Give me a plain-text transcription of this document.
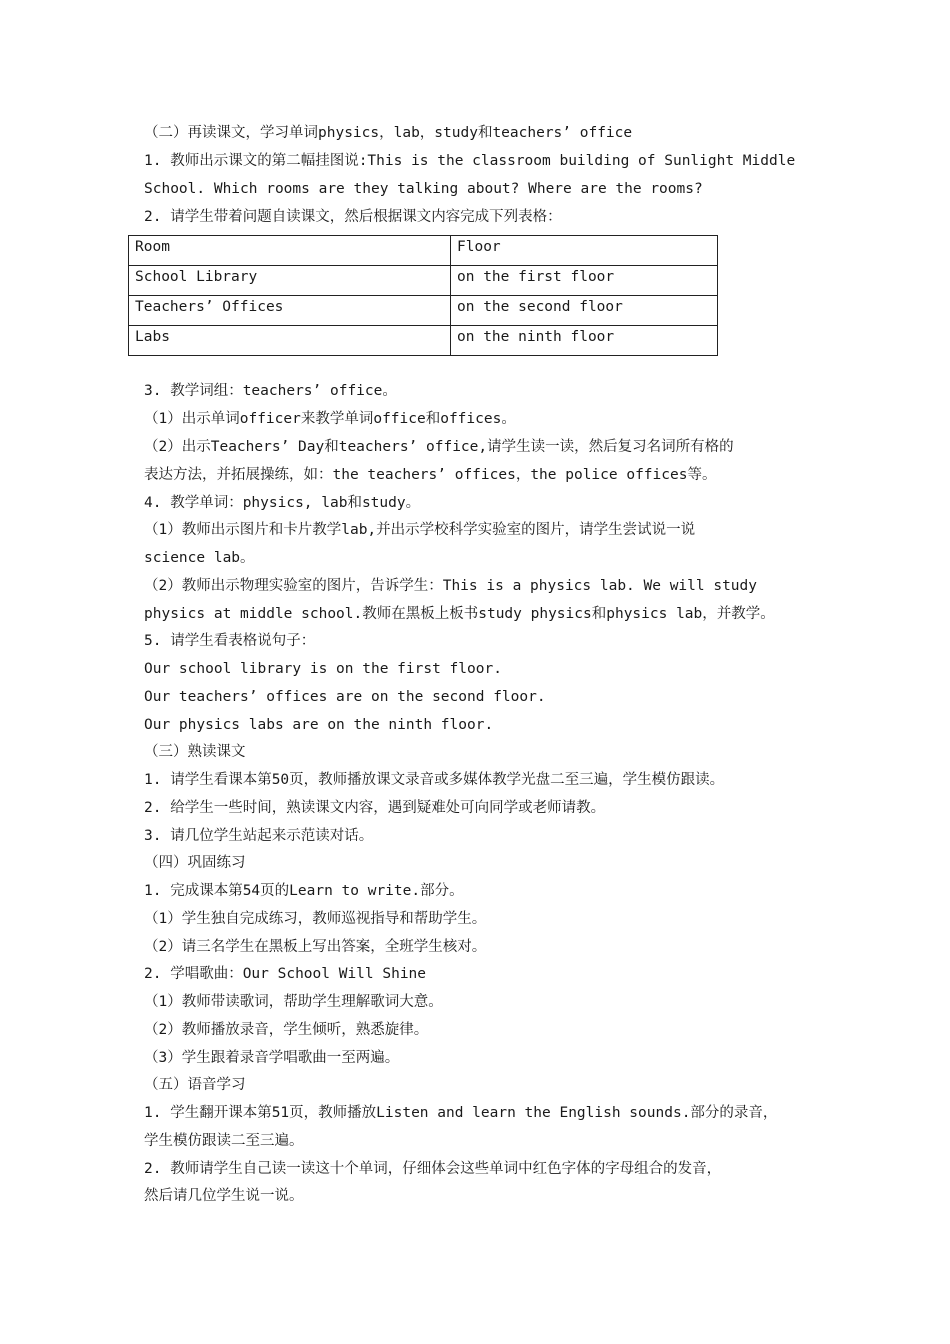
（二）再读课文，学习单词physics，lab，study和teachers’ office
1. 教师出示课文的第二幅挂图说:This is the classroom building of Sunlight Middle
School. Which rooms are they talking about? Where are the rooms?
2. 请学生带着问题自读课文，然后根据课文内容完成下列表格：
Room	Floor
School Library	on the first floor
Teachers’ Offices	on the second floor
Labs	on the ninth floor
3. 教学词组：teachers’ office。
（1）出示单词officer来教学单词office和offices。
（2）出示Teachers’ Day和teachers’ office,请学生读一读，然后复习名词所有格的
表达方法，并拓展操练，如：the teachers’ offices，the police offices等。
4. 教学单词：physics, lab和study。
（1）教师出示图片和卡片教学lab,并出示学校科学实验室的图片，请学生尝试说一说
science lab。
（2）教师出示物理实验室的图片，告诉学生：This is a physics lab. We will study
physics at middle school.教师在黑板上板书study physics和physics lab，并教学。
5. 请学生看表格说句子：
Our school library is on the first floor.
Our teachers’ offices are on the second floor.
Our physics labs are on the ninth floor.
（三）熟读课文
1. 请学生看课本第50页，教师播放课文录音或多媒体教学光盘二至三遍，学生模仿跟读。
2. 给学生一些时间，熟读课文内容，遇到疑难处可向同学或老师请教。
3. 请几位学生站起来示范读对话。
（四）巩固练习
1. 完成课本第54页的Learn to write.部分。
（1）学生独自完成练习，教师巡视指导和帮助学生。
（2）请三名学生在黑板上写出答案，全班学生核对。
2. 学唱歌曲：Our School Will Shine
（1）教师带读歌词，帮助学生理解歌词大意。
（2）教师播放录音，学生倾听，熟悉旋律。
（3）学生跟着录音学唱歌曲一至两遍。
（五）语音学习
1. 学生翻开课本第51页，教师播放Listen and learn the English sounds.部分的录音，
学生模仿跟读二至三遍。
2. 教师请学生自己读一读这十个单词，仔细体会这些单词中红色字体的字母组合的发音，
然后请几位学生说一说。
